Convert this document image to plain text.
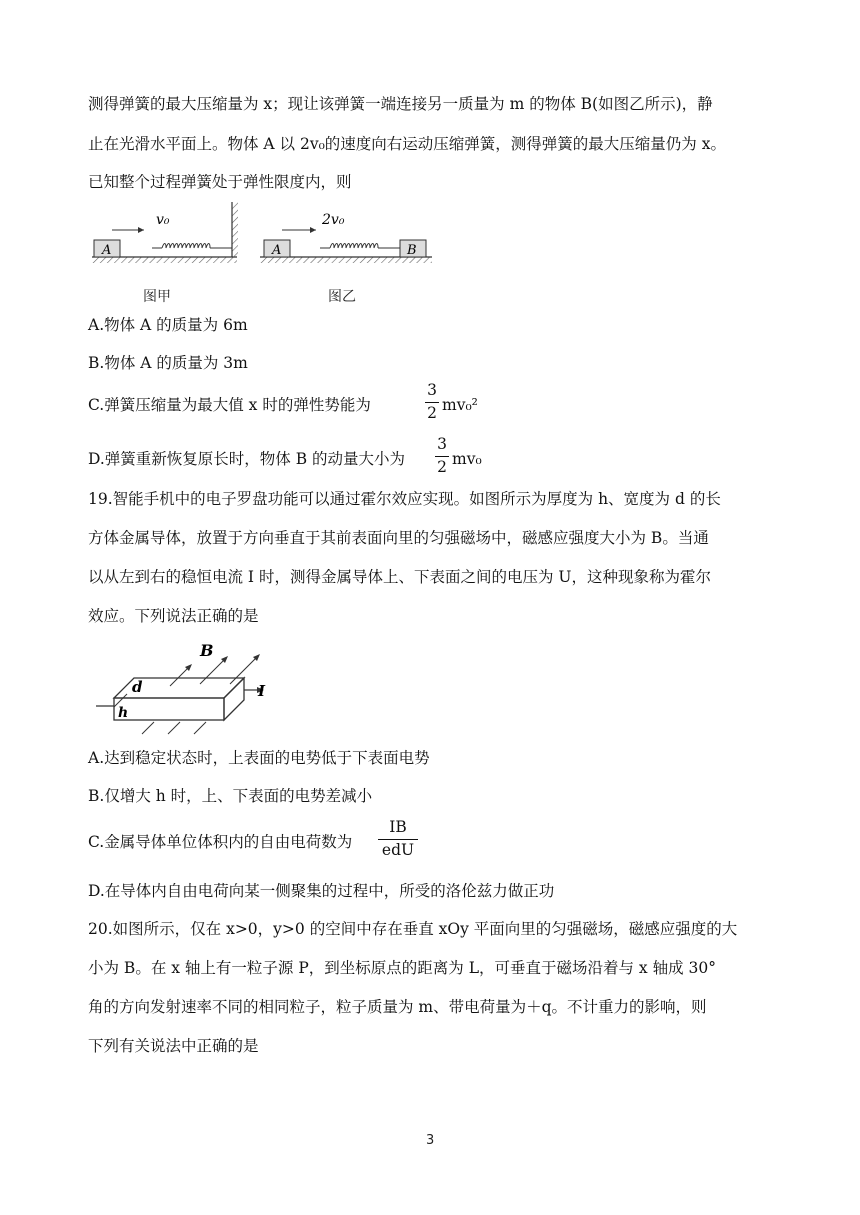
测得弹簧的最大压缩量为 x；现让该弹簧一端连接另一质量为 m 的物体 B(如图乙所示)，静
止在光滑水平面上。物体 A 以 2v₀的速度向右运动压缩弹簧，测得弹簧的最大压缩量仍为 x。
已知整个过程弹簧处于弹性限度内，则
A
v₀
图甲
A	B
2v₀
图乙
A.物体 A 的质量为 6m
B.物体 A 的质量为 3m
C.弹簧压缩量为最大值 x 时的弹性势能为
3
2 mv₀²
D.弹簧重新恢复原长时，物体 B 的动量大小为
3
2 mv₀
19.智能手机中的电子罗盘功能可以通过霍尔效应实现。如图所示为厚度为 h、宽度为 d 的长
方体金属导体，放置于方向垂直于其前表面向里的匀强磁场中，磁感应强度大小为 B。当通
以从左到右的稳恒电流 I 时，测得金属导体上、下表面之间的电压为 U，这种现象称为霍尔
效应。下列说法正确的是
B
d
h
I
A.达到稳定状态时，上表面的电势低于下表面电势
B.仅增大 h 时，上、下表面的电势差减小
C.金属导体单位体积内的自由电荷数为
IB
edU
D.在导体内自由电荷向某一侧聚集的过程中，所受的洛伦兹力做正功
20.如图所示，仅在 x>0，y>0 的空间中存在垂直 xOy 平面向里的匀强磁场，磁感应强度的大
小为 B。在 x 轴上有一粒子源 P，到坐标原点的距离为 L，可垂直于磁场沿着与 x 轴成 30°
角的方向发射速率不同的相同粒子，粒子质量为 m、带电荷量为＋q。不计重力的影响，则
下列有关说法中正确的是
3
